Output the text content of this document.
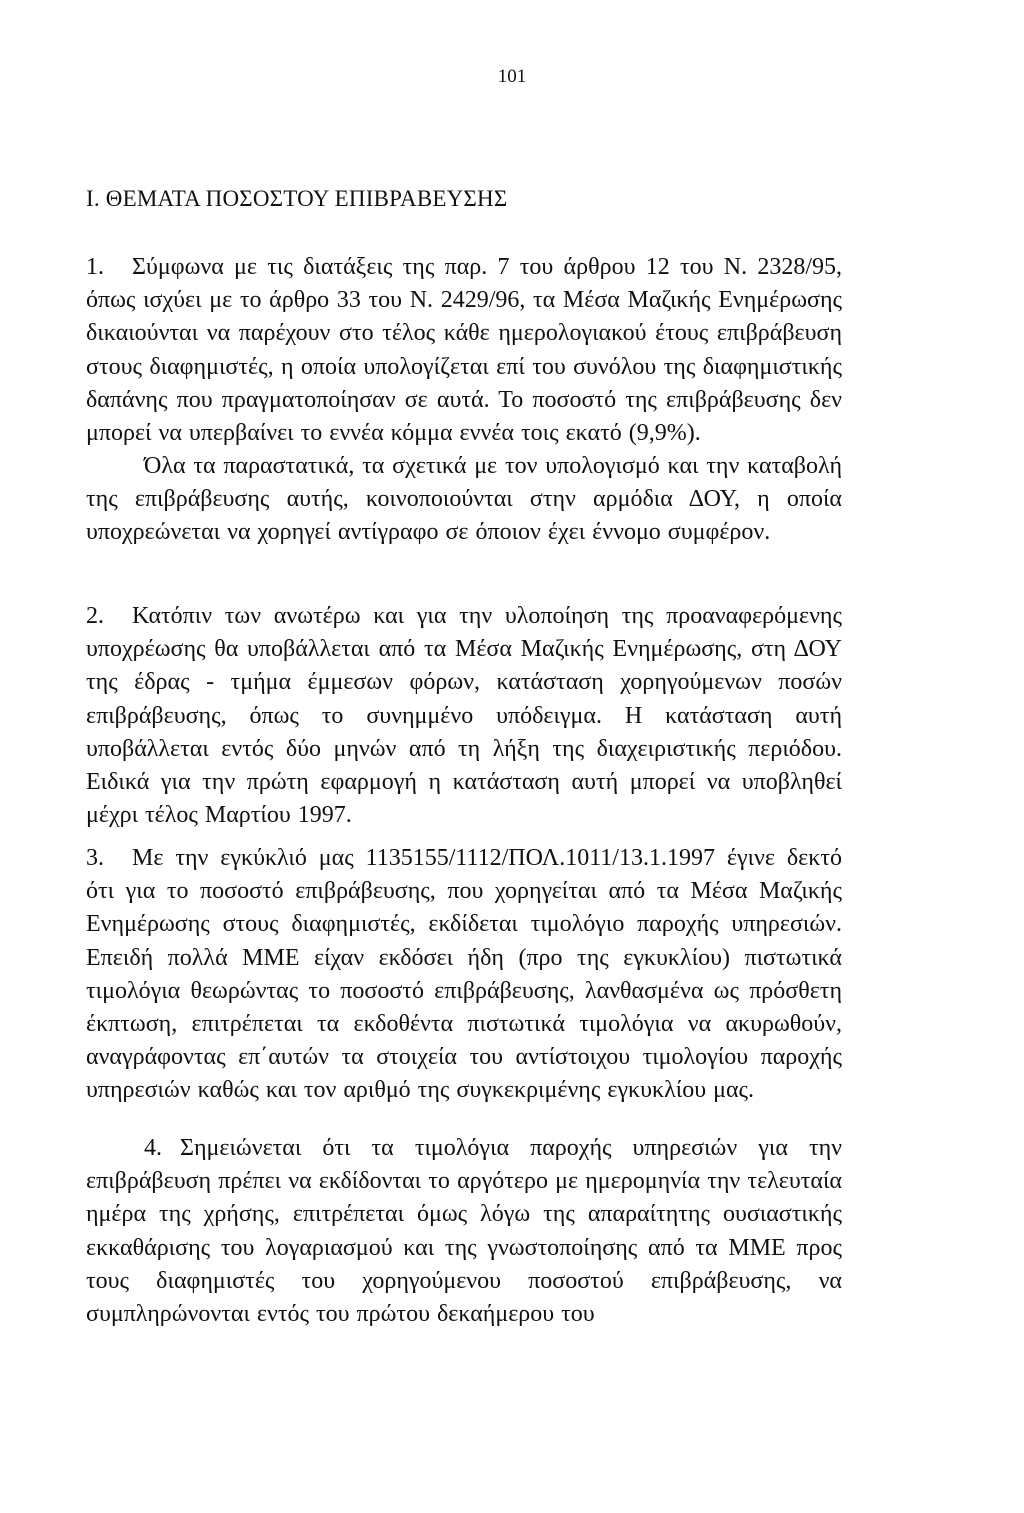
101
Ι. ΘΕΜΑΤΑ ΠΟΣΟΣΤΟΥ ΕΠΙΒΡΑΒΕΥΣΗΣ
1. Σύμφωνα με τις διατάξεις της παρ. 7 του άρθρου 12 του Ν. 2328/95, όπως ισχύει με το άρθρο 33 του Ν. 2429/96, τα Μέσα Μαζικής Ενημέρωσης δικαιούνται να παρέχουν στο τέλος κάθε ημερολογιακού έτους επιβράβευση στους διαφημιστές, η οποία υπολογίζεται επί του συνόλου της διαφημιστικής δαπάνης που πραγματοποίησαν σε αυτά. Το ποσοστό της επιβράβευσης δεν μπορεί να υπερβαίνει το εννέα κόμμα εννέα τοις εκατό (9,9%).
Όλα τα παραστατικά, τα σχετικά με τον υπολογισμό και την καταβολή της επιβράβευσης αυτής, κοινοποιούνται στην αρμόδια ΔΟΥ, η οποία υποχρεώνεται να χορηγεί αντίγραφο σε όποιον έχει έννομο συμφέρον.
2. Κατόπιν των ανωτέρω και για την υλοποίηση της προαναφερόμενης υποχρέωσης θα υποβάλλεται από τα Μέσα Μαζικής Ενημέρωσης, στη ΔΟΥ της έδρας - τμήμα έμμεσων φόρων, κατάσταση χορηγούμενων ποσών επιβράβευσης, όπως το συνημμένο υπόδειγμα. Η κατάσταση αυτή υποβάλλεται εντός δύο μηνών από τη λήξη της διαχειριστικής περιόδου. Ειδικά για την πρώτη εφαρμογή η κατάσταση αυτή μπορεί να υποβληθεί μέχρι τέλος Μαρτίου 1997.
3. Με την εγκύκλιό μας 1135155/1112/ΠΟΛ.1011/13.1.1997 έγινε δεκτό ότι για το ποσοστό επιβράβευσης, που χορηγείται από τα Μέσα Μαζικής Ενημέρωσης στους διαφημιστές, εκδίδεται τιμολόγιο παροχής υπηρεσιών. Επειδή πολλά ΜΜΕ είχαν εκδόσει ήδη (προ της εγκυκλίου) πιστωτικά τιμολόγια θεωρώντας το ποσοστό επιβράβευσης, λανθασμένα ως πρόσθετη έκπτωση, επιτρέπεται τα εκδοθέντα πιστωτικά τιμολόγια να ακυρωθούν, αναγράφοντας επ΄αυτών τα στοιχεία του αντίστοιχου τιμολογίου παροχής υπηρεσιών καθώς και τον αριθμό της συγκεκριμένης εγκυκλίου μας.
4. Σημειώνεται ότι τα τιμολόγια παροχής υπηρεσιών για την επιβράβευση πρέπει να εκδίδονται το αργότερο με ημερομηνία την τελευταία ημέρα της χρήσης, επιτρέπεται όμως λόγω της απαραίτητης ουσιαστικής εκκαθάρισης του λογαριασμού και της γνωστοποίησης από τα ΜΜΕ προς τους διαφημιστές του χορηγούμενου ποσοστού επιβράβευσης, να συμπληρώνονται εντός του πρώτου δεκαήμερου του
